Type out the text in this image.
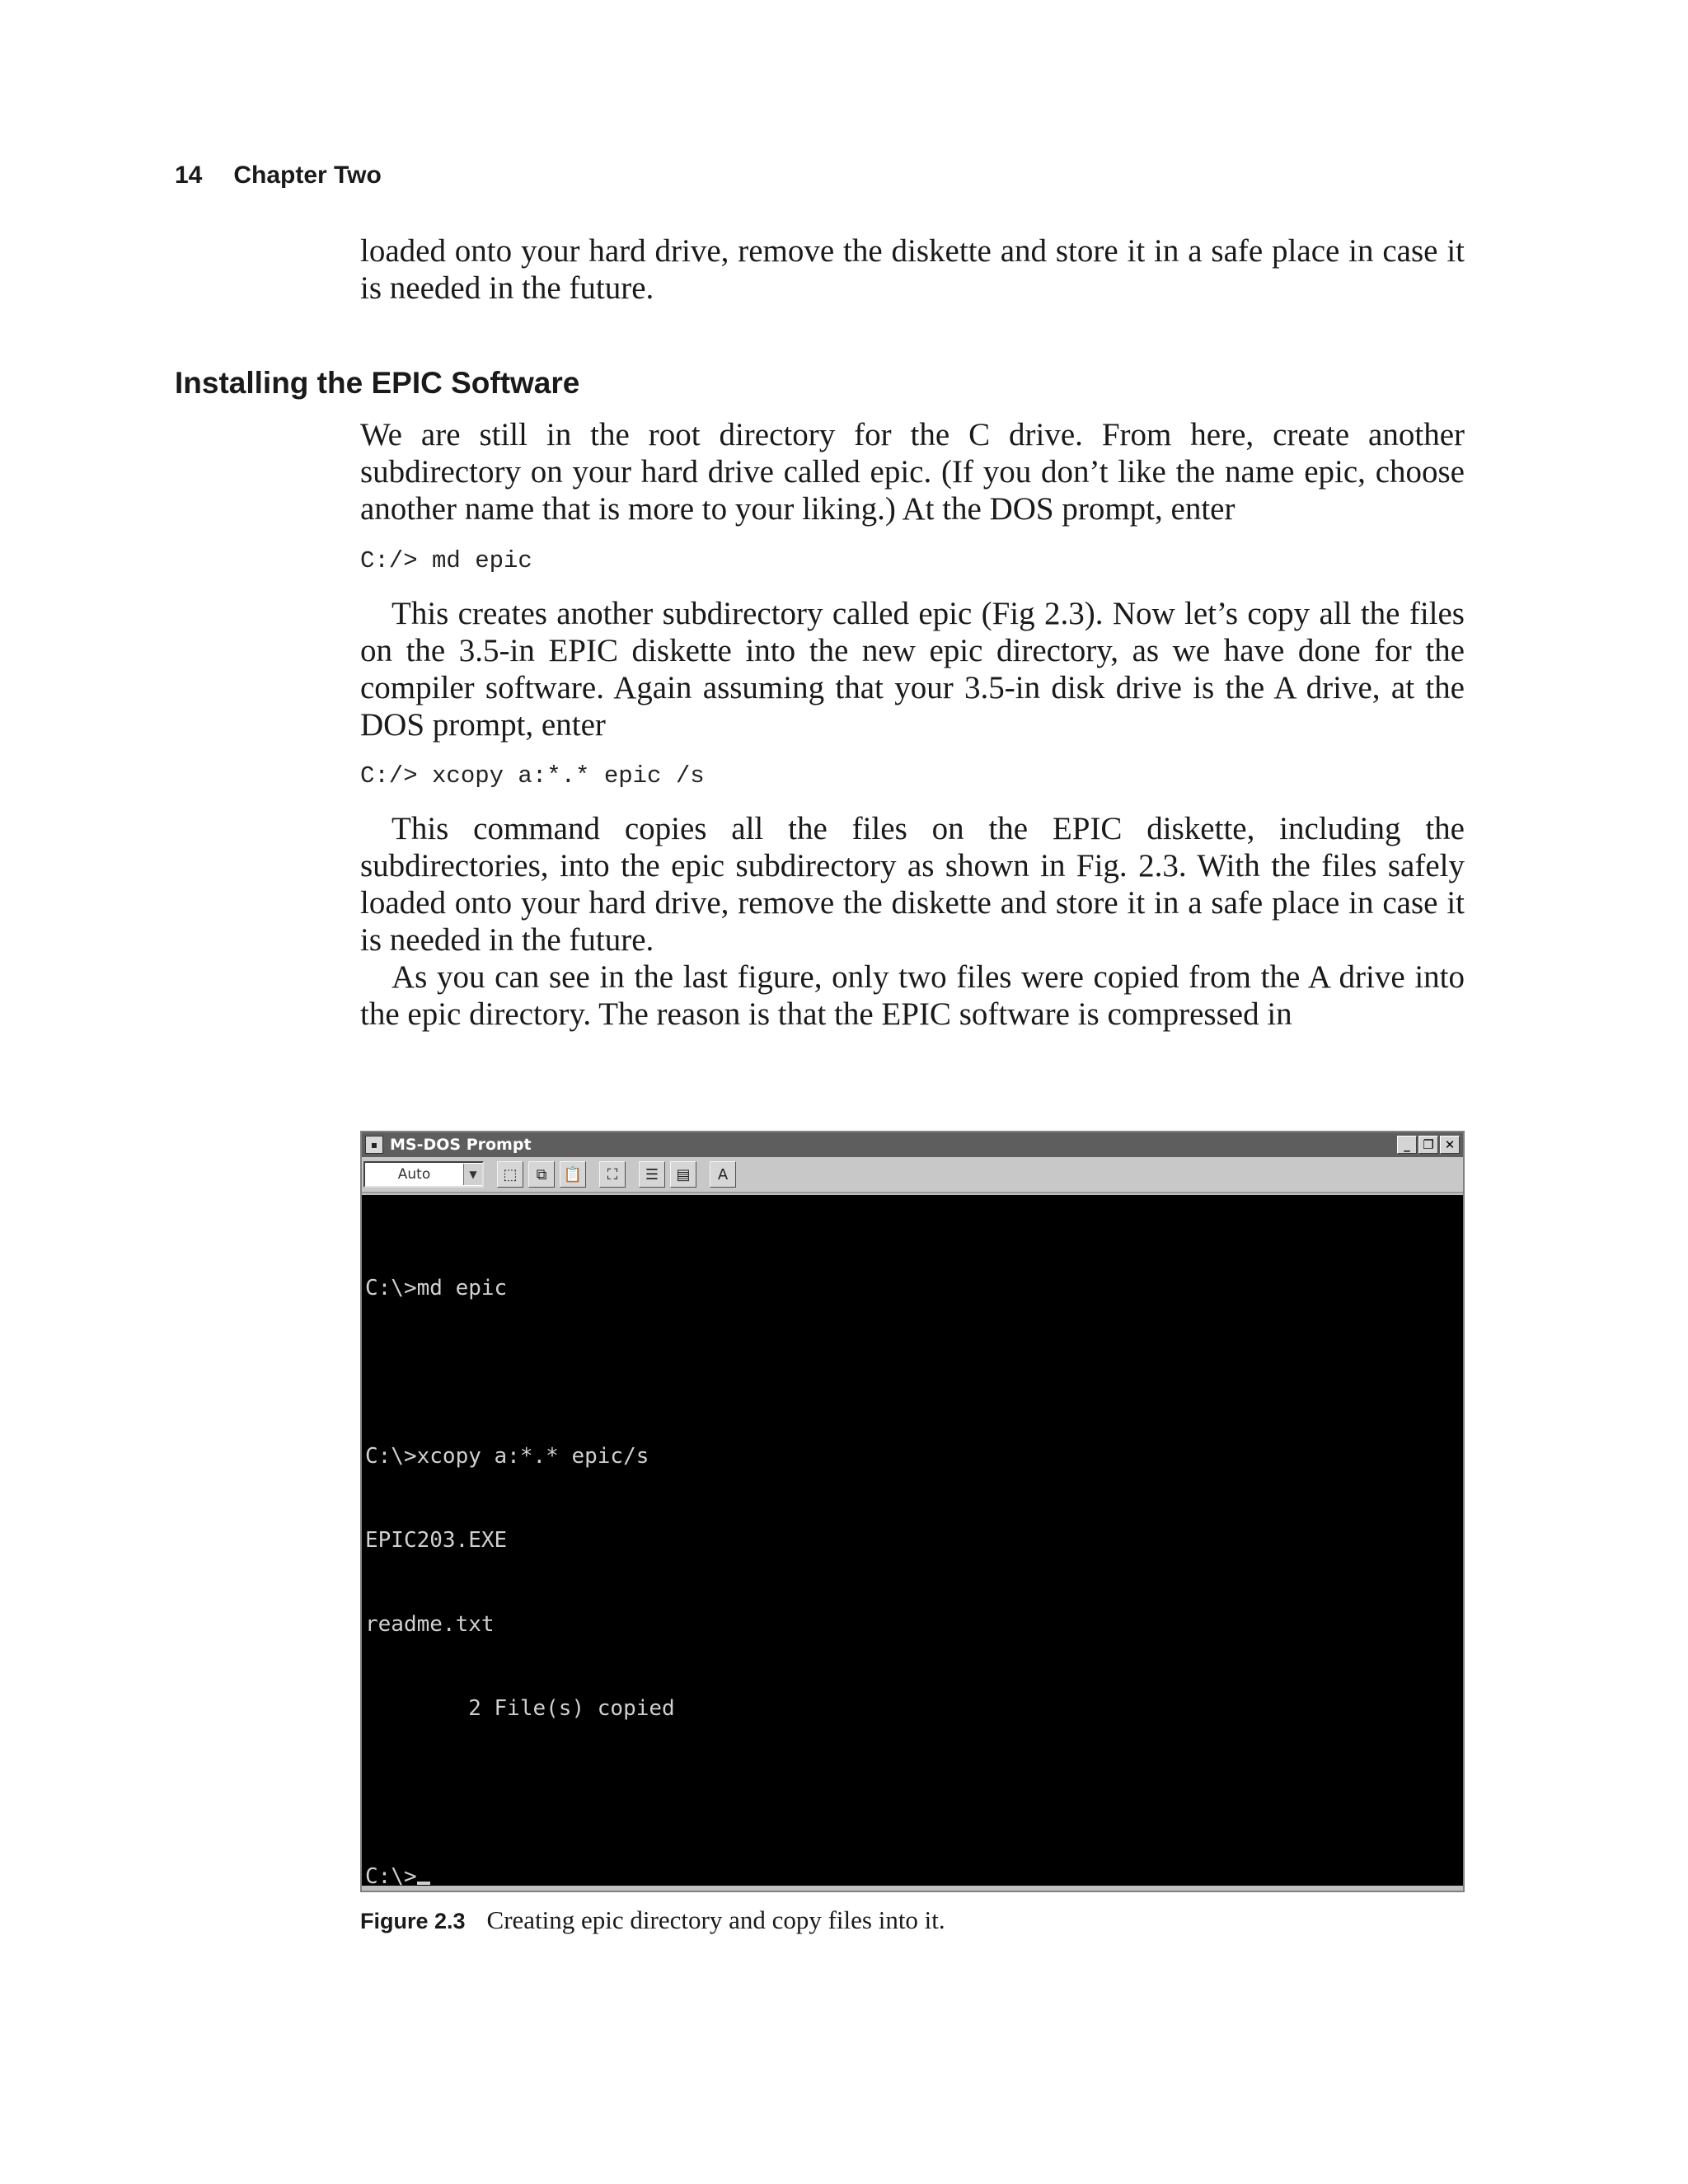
14 Chapter Two

loaded onto your hard drive, remove the diskette and store it in a safe place in case it is needed in the future.

Installing the EPIC Software

We are still in the root directory for the C drive. From here, create another subdirectory on your hard drive called epic. (If you don’t like the name epic, choose another name that is more to your liking.) At the DOS prompt, enter

C:/> md epic

This creates another subdirectory called epic (Fig 2.3). Now let’s copy all the files on the 3.5-in EPIC diskette into the new epic directory, as we have done for the compiler software. Again assuming that your 3.5-in disk drive is the A drive, at the DOS prompt, enter

C:/> xcopy a:*.* epic /s

This command copies all the files on the EPIC diskette, including the subdirectories, into the epic subdirectory as shown in Fig. 2.3. With the files safely loaded onto your hard drive, remove the diskette and store it in a safe place in case it is needed in the future.

As you can see in the last figure, only two files were copied from the A drive into the epic directory. The reason is that the EPIC software is compressed in

▪ MS-DOS Prompt	_	❐ ✕
Auto	▼	⬚	⧉	📋	⛶	☰	▤	A

C:\>md epic

C:\>xcopy a:*.* epic/s

EPIC203.EXE

readme.txt

2 File(s) copied

C:\>

Figure 2.3 Creating epic directory and copy files into it.
